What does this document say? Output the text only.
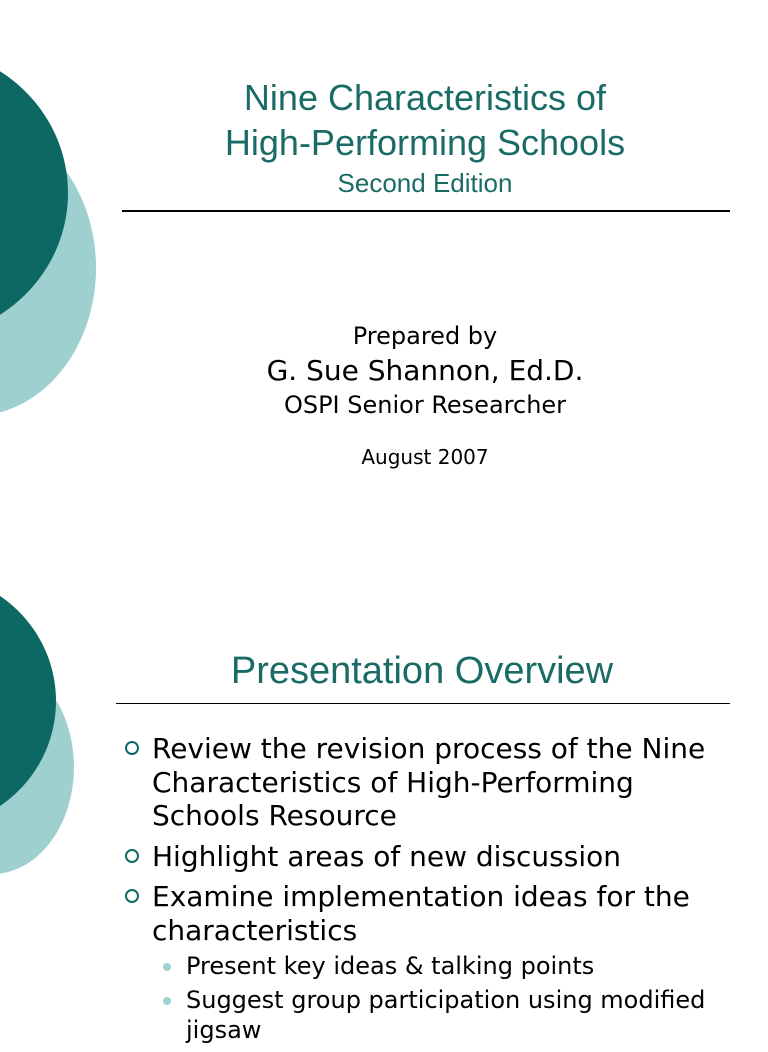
Nine Characteristics of
High-Performing Schools
Second Edition
Prepared by
G. Sue Shannon, Ed.D.
OSPI Senior Researcher
August 2007
Presentation Overview
Review the revision process of the Nine Characteristics of High-Performing Schools Resource
Highlight areas of new discussion
Examine implementation ideas for the characteristics
Present key ideas & talking points
Suggest group participation using modified jigsaw
